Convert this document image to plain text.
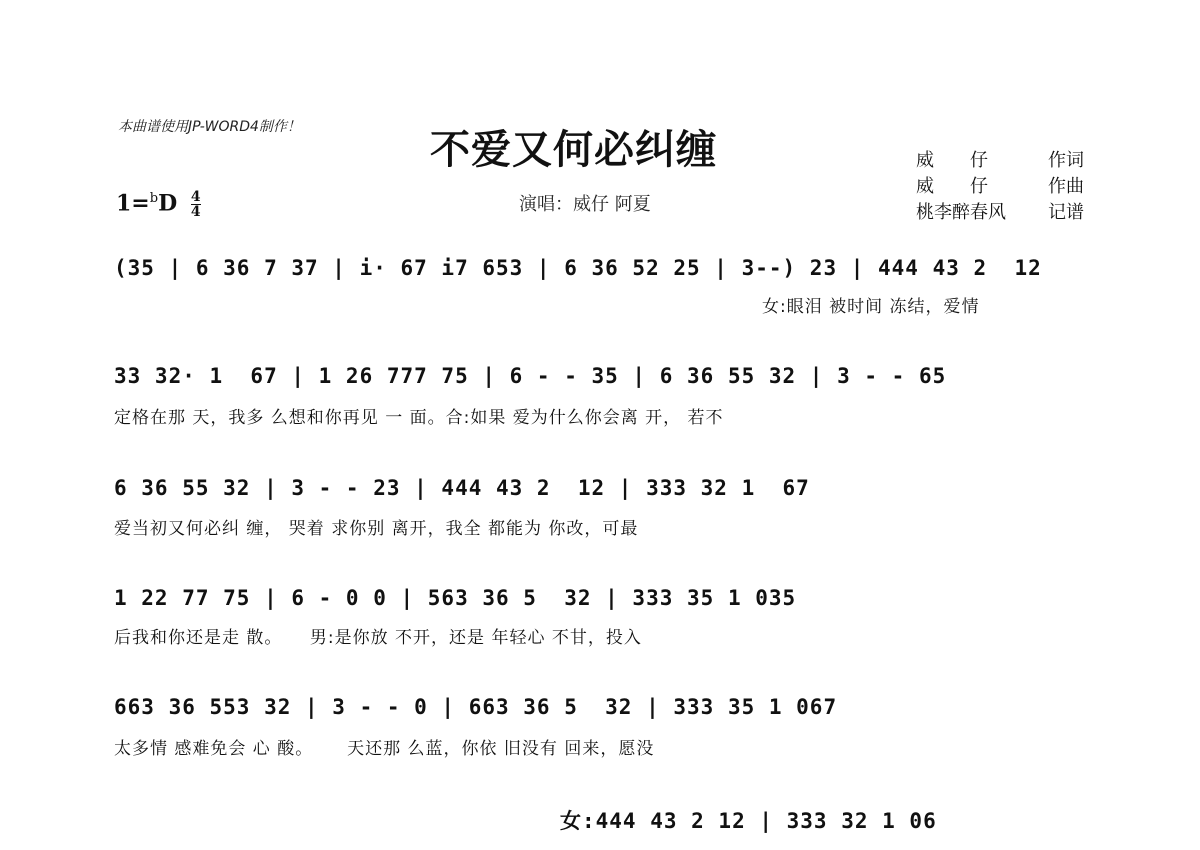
本曲谱使用JP-WORD4制作！	不爱又何必纠缠
$1=^bD \frac{4}{4}$	演唱：威仔 阿夏
威　　仔	作词
威　　仔	作曲
桃李醉春风 记谱
(35 | 6 36 7 37 | i· 67 i7 653 | 6 36 52 25 | 3--) 23 | 444 43 2  12
女:眼泪 被时间 冻结，爱情
33 32· 1  67 | 1 26 777 75 | 6 - - 35 | 6 36 55 32 | 3 - - 65
定格在那 天，我多 么想和你再见 一 面。合:如果 爱为什么你会离 开， 若不
6 36 55 32 | 3 - - 23 | 444 43 2  12 | 333 32 1  67
爱当初又何必纠 缠， 哭着 求你别 离开，我全 都能为 你改，可最
1 22 77 75 | 6 - 0 0 | 563 36 5  32 | 333 35 1 035
后我和你还是走 散。　　男:是你放 不开，还是 年轻心 不甘，投入
663 36 553 32 | 3 - - 0 | 663 36 5  32 | 333 35 1 067
太多情 感难免会 心 酸。　　 天还那 么蓝，你依 旧没有 回来，愿没
女:444 43 2 12 | 333 32 1 06
